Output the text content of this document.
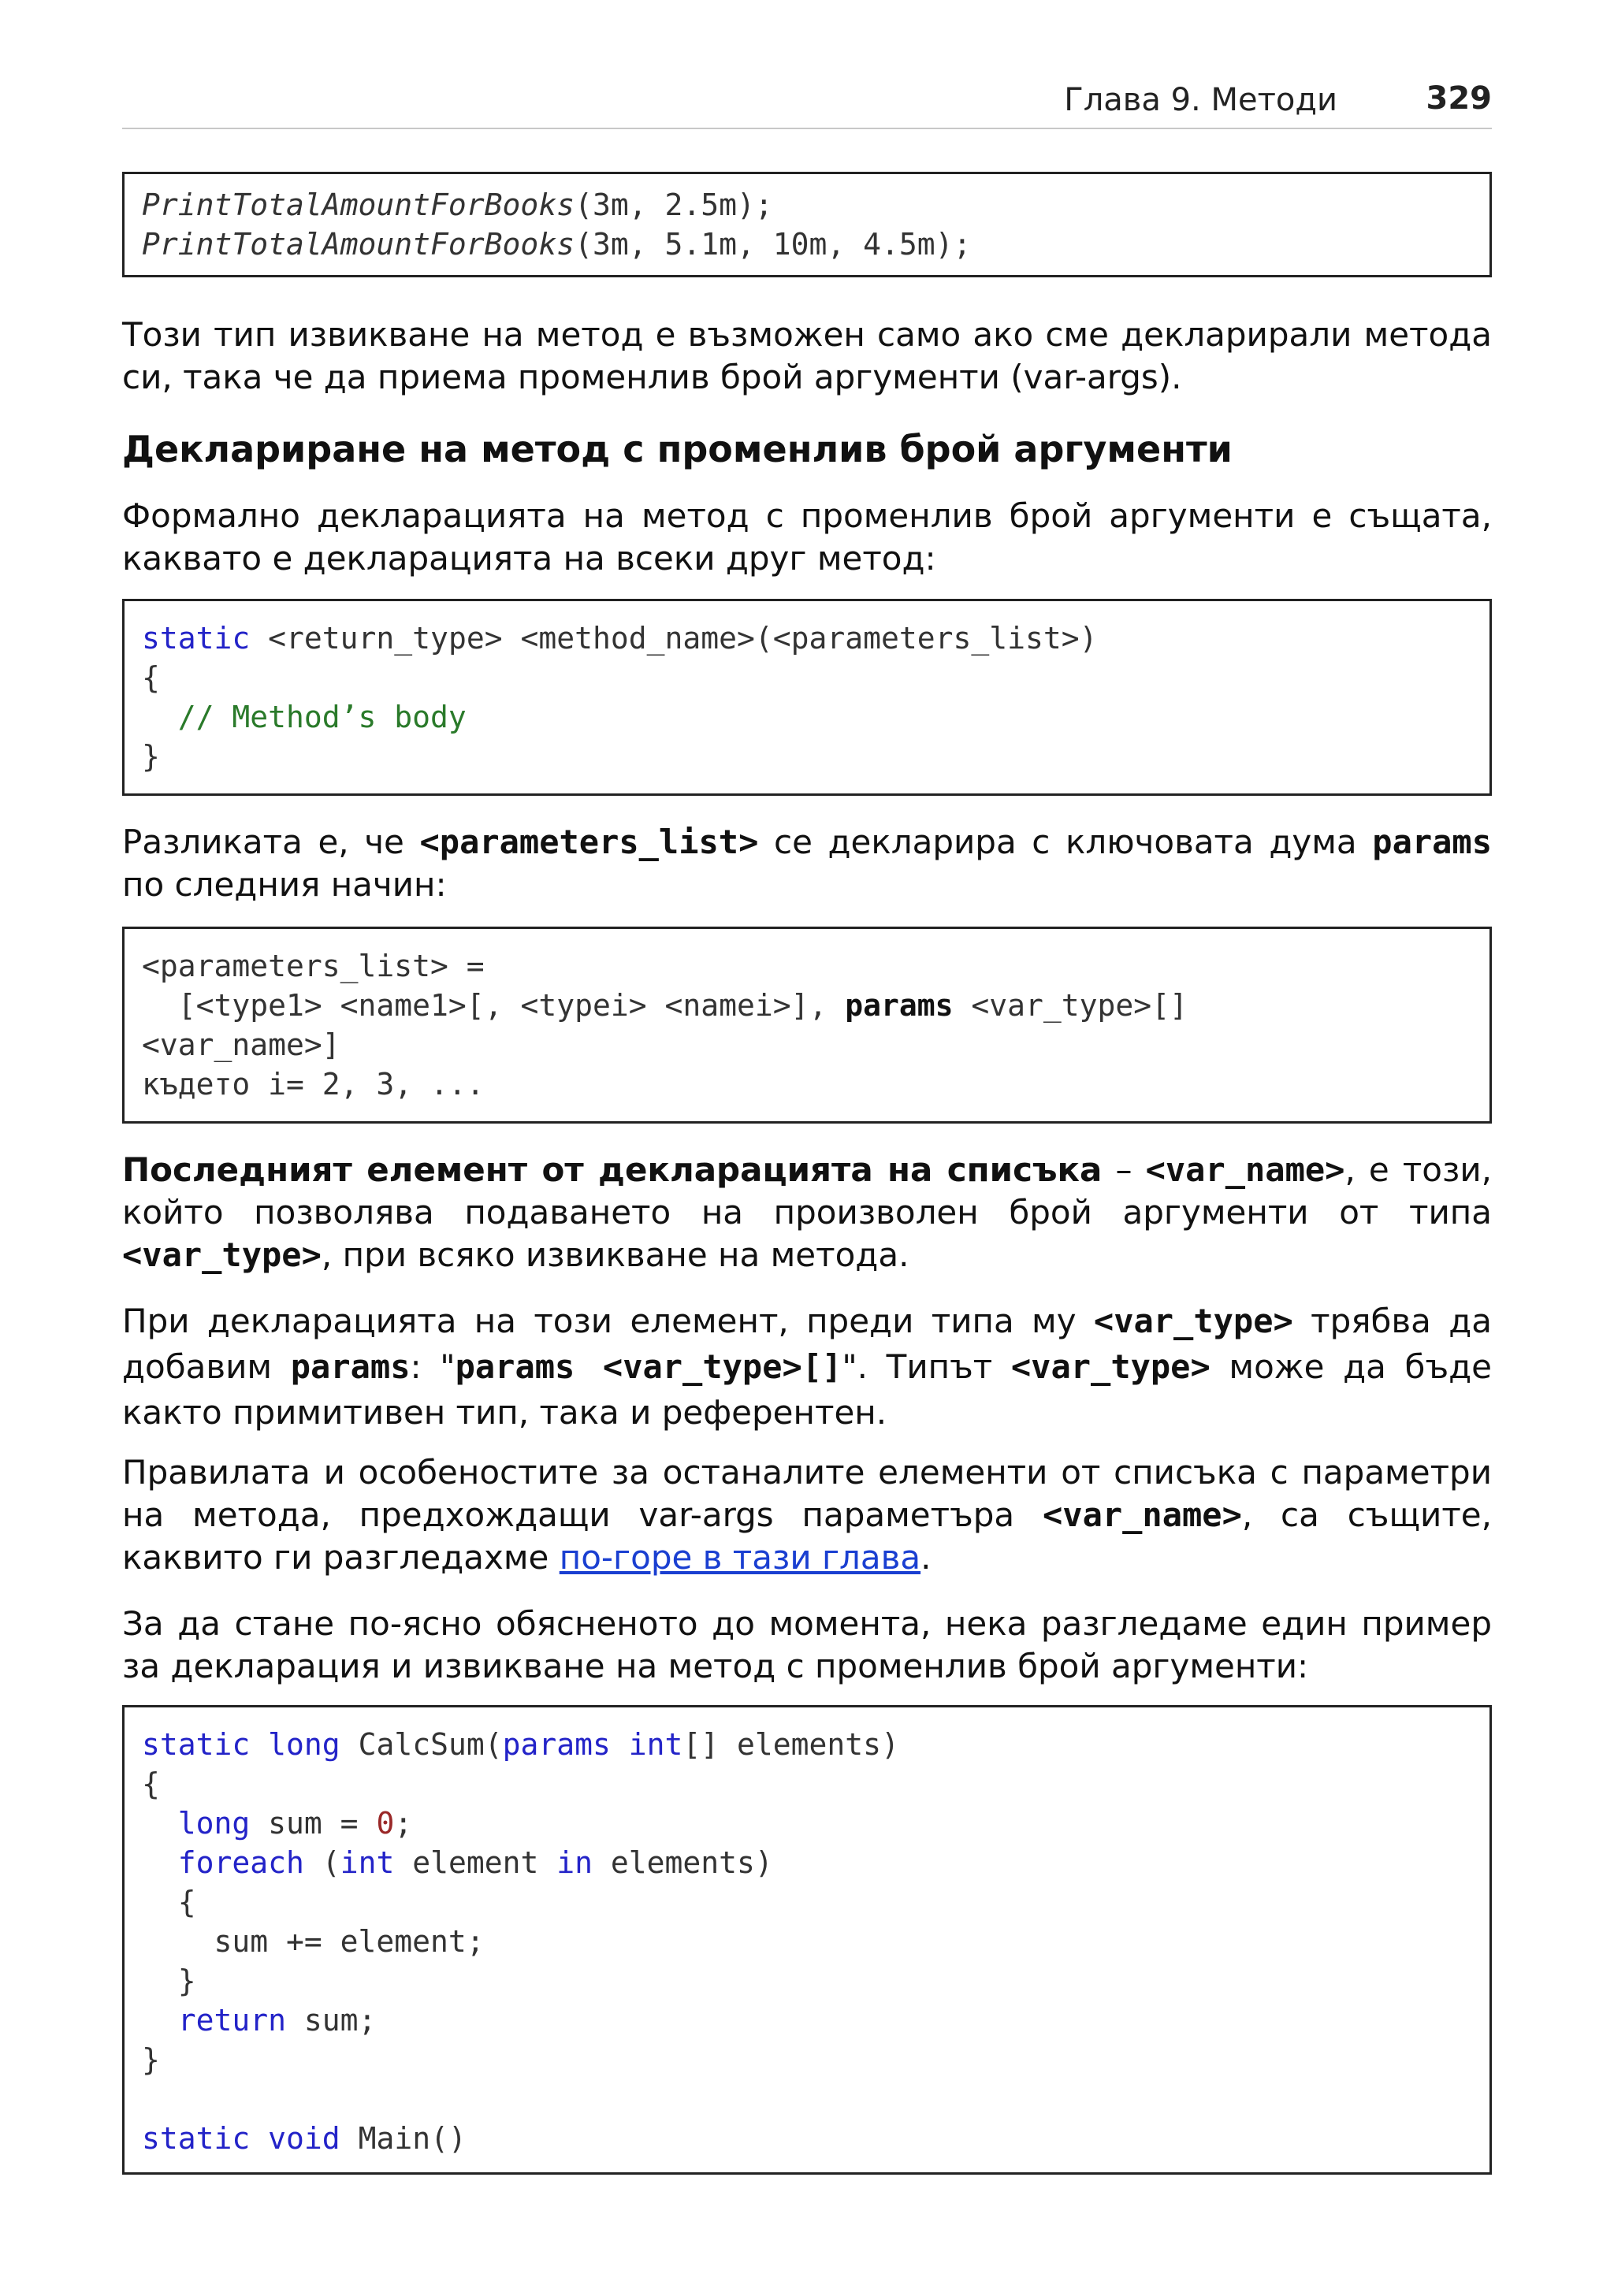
Глава 9. Методи	329
PrintTotalAmountForBooks(3m, 2.5m);
PrintTotalAmountForBooks(3m, 5.1m, 10m, 4.5m);

Този тип извикване на метод е възможен само ако сме декларирали метода си, така че да приема променлив брой аргументи (var-args).

Деклариране на метод с променлив брой аргументи

Формално декларацията на метод с променлив брой аргументи е същата, каквато е декларацията на всеки друг метод:

static <return_type> <method_name>(<parameters_list>)
{
// Method’s body
}

Разликата е, че <parameters_list> се декларира с ключовата дума params по следния начин:

<parameters_list> =
[<type1> <name1>[, <typei> <namei>], params <var_type>[]
<var_name>]
където i= 2, 3, ...

Последният елемент от декларацията на списъка – <var_name>, е този, който позволява подаването на произволен брой аргументи от типа <var_type>, при всяко извикване на метода.

При декларацията на този елемент, преди типа му <var_type> трябва да добавим params: "params <var_type>[]". Типът <var_type> може да бъде както примитивен тип, така и референтен.

Правилата и особеностите за останалите елементи от списъка с параметри на метода, предхождащи var-args параметъра <var_name>, са същите, каквито ги разгледахме по-горе в тази глава.

За да стане по-ясно обясненото до момента, нека разгледаме един пример за декларация и извикване на метод с променлив брой аргументи:

static long CalcSum(params int[] elements)
{
long sum = 0;
foreach (int element in elements)
{
sum += element;
}
return sum;
}

static void Main()
